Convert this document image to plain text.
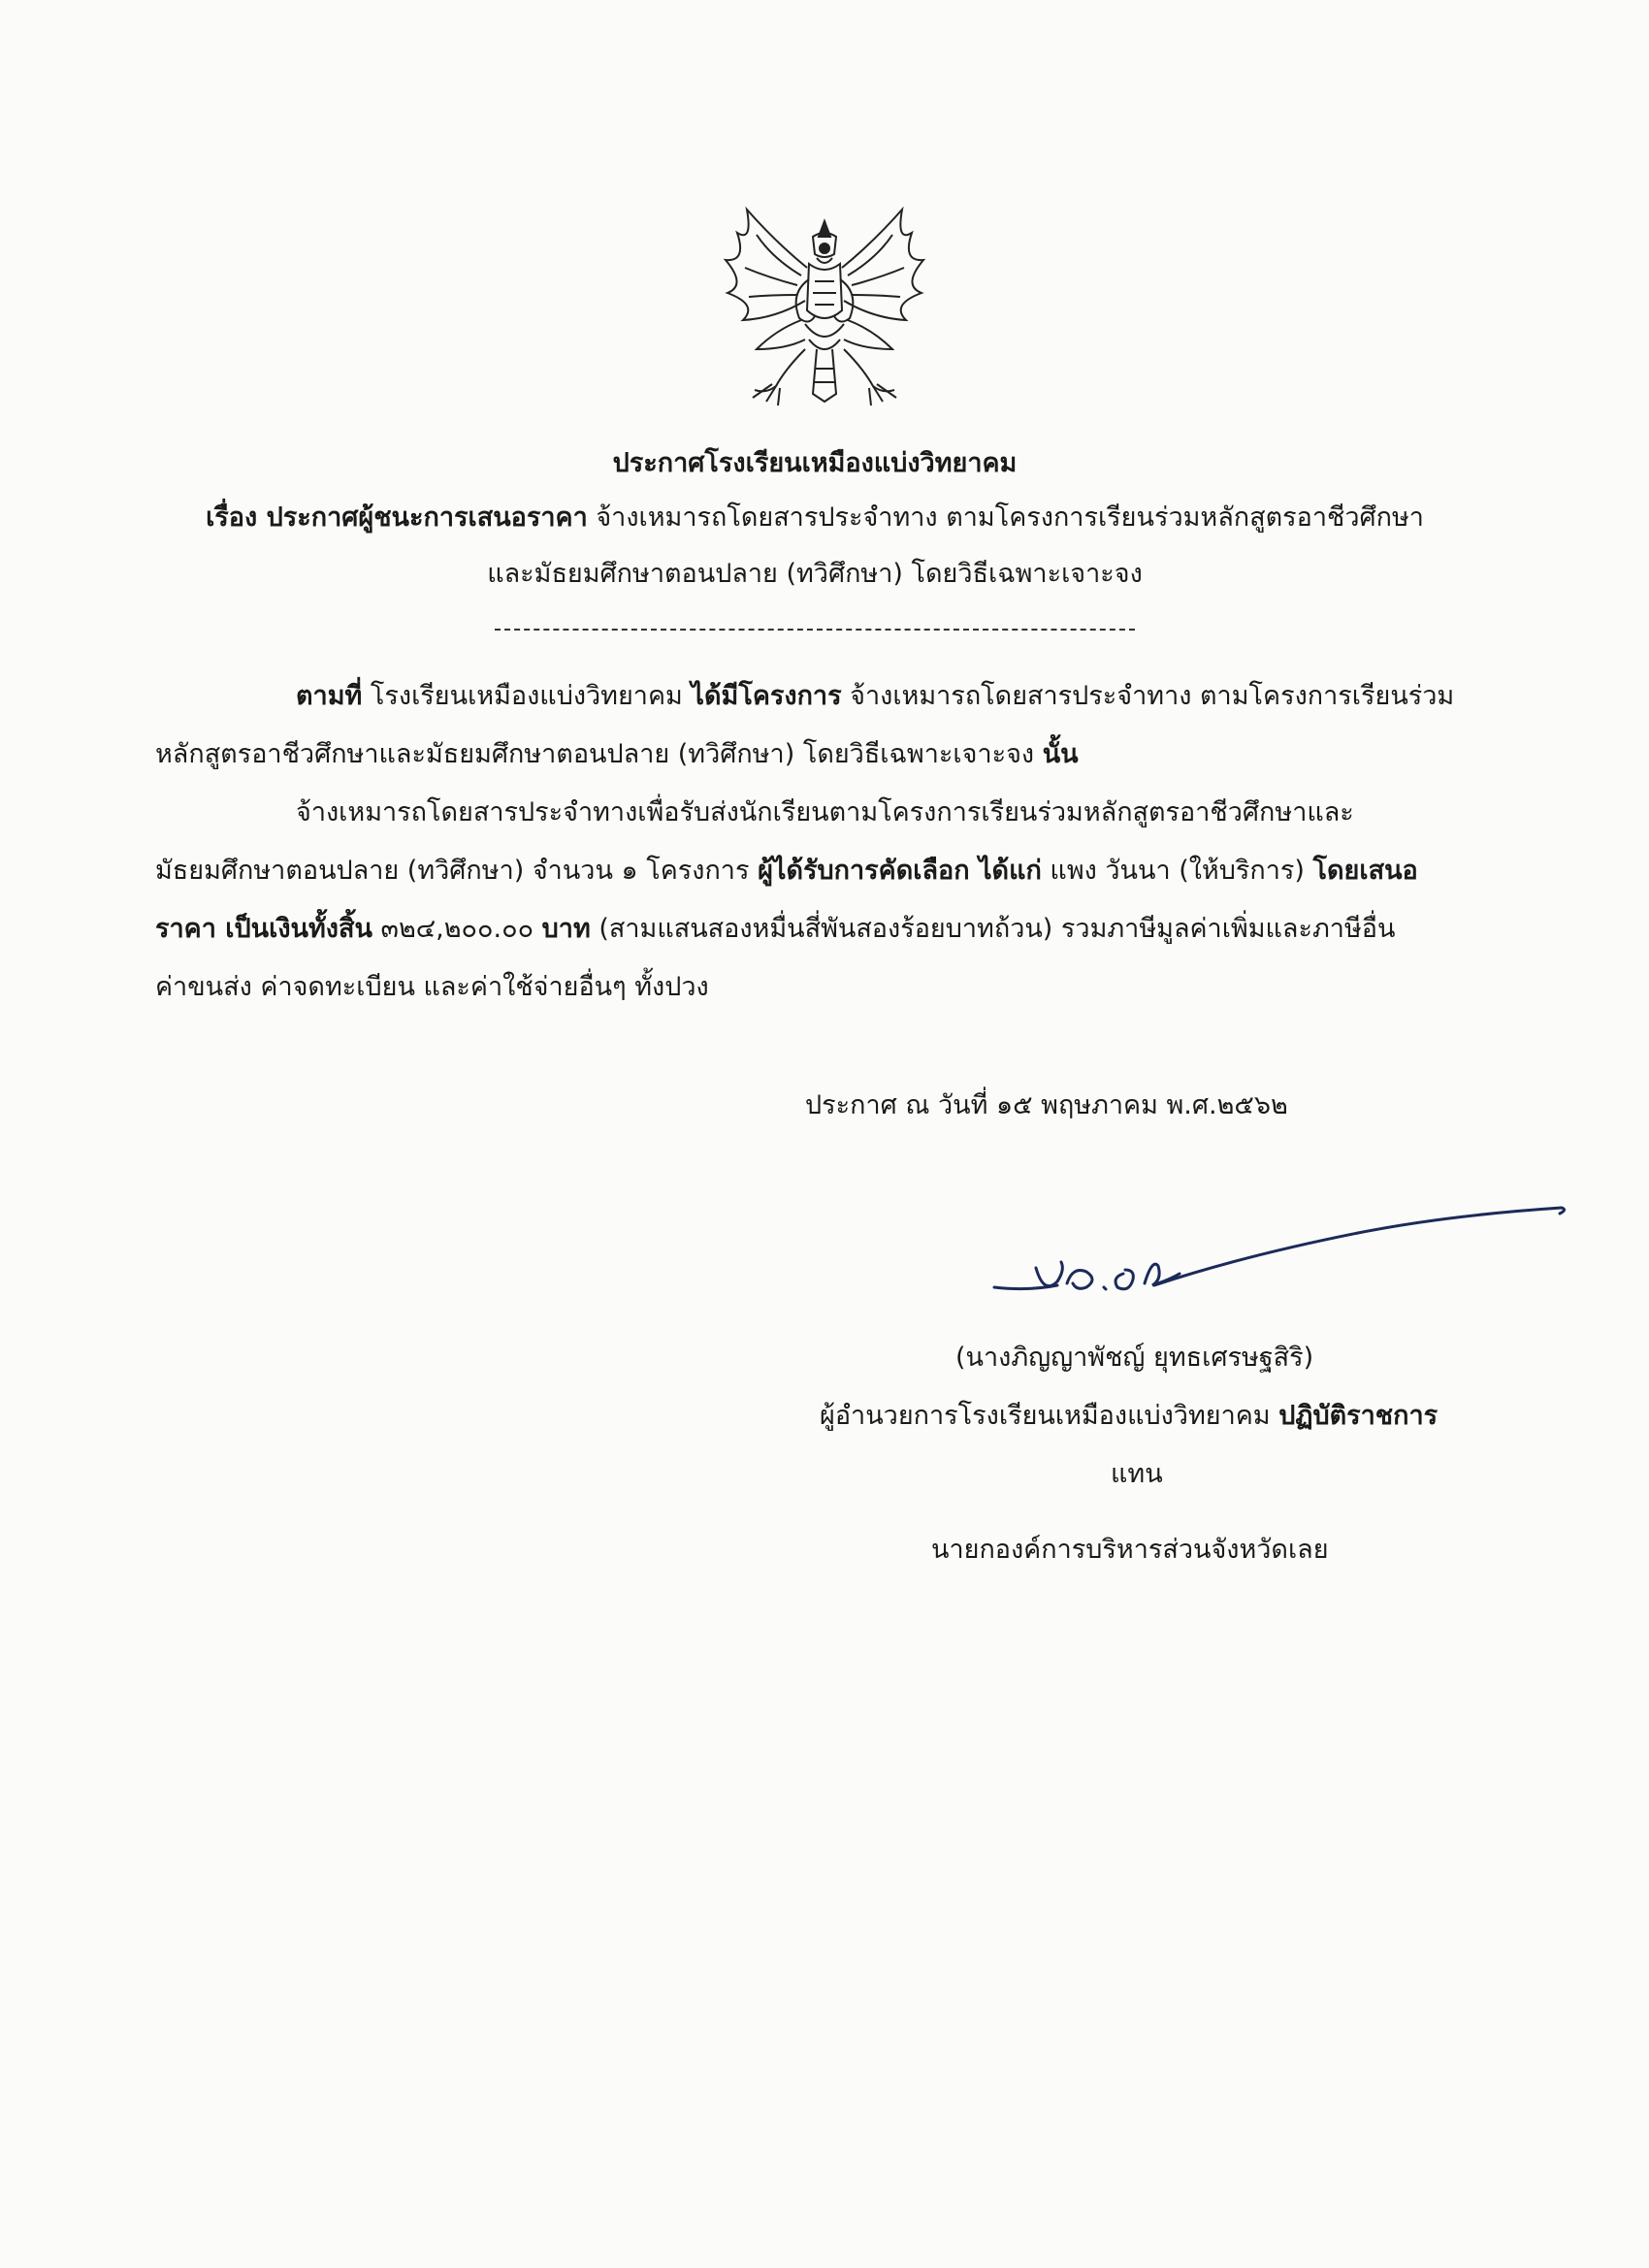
ประกาศโรงเรียนเหมืองแบ่งวิทยาคม
เรื่อง ประกาศผู้ชนะการเสนอราคา จ้างเหมารถโดยสารประจำทาง ตามโครงการเรียนร่วมหลักสูตรอาชีวศึกษา
และมัธยมศึกษาตอนปลาย (ทวิศึกษา) โดยวิธีเฉพาะเจาะจง
ตามที่ โรงเรียนเหมืองแบ่งวิทยาคม ได้มีโครงการ จ้างเหมารถโดยสารประจำทาง ตามโครงการเรียนร่วม
หลักสูตรอาชีวศึกษาและมัธยมศึกษาตอนปลาย (ทวิศึกษา) โดยวิธีเฉพาะเจาะจง นั้น
จ้างเหมารถโดยสารประจำทางเพื่อรับส่งนักเรียนตามโครงการเรียนร่วมหลักสูตรอาชีวศึกษาและ
มัธยมศึกษาตอนปลาย (ทวิศึกษา) จำนวน ๑ โครงการ ผู้ได้รับการคัดเลือก ได้แก่ แพง วันนา (ให้บริการ) โดยเสนอ
ราคา เป็นเงินทั้งสิ้น ๓๒๔,๒๐๐.๐๐ บาท (สามแสนสองหมื่นสี่พันสองร้อยบาทถ้วน) รวมภาษีมูลค่าเพิ่มและภาษีอื่น
ค่าขนส่ง ค่าจดทะเบียน และค่าใช้จ่ายอื่นๆ ทั้งปวง
ประกาศ ณ วันที่ ๑๕ พฤษภาคม พ.ศ.๒๕๖๒
(นางภิญญาพัชญ์ ยุทธเศรษฐสิริ)
ผู้อำนวยการโรงเรียนเหมืองแบ่งวิทยาคม ปฏิบัติราชการ
แทน
นายกองค์การบริหารส่วนจังหวัดเลย
